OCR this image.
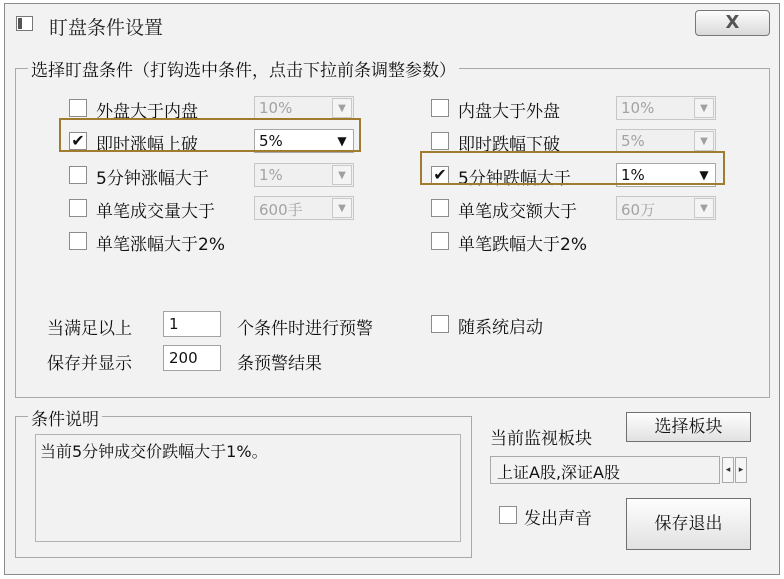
盯盘条件设置	X
选择盯盘条件（打钩选中条件，点击下拉前条调整参数）
外盘大于内盘	10%	▼
✔ 即时涨幅上破	5%	▼
5分钟涨幅大于	1%	▼
单笔成交量大于	600手	▼
单笔涨幅大于2%
内盘大于外盘	10%	▼
即时跌幅下破	5%	▼
✔ 5分钟跌幅大于	1%	▼
单笔成交额大于	60万	▼
单笔跌幅大于2%
当满足以上	1	个条件时进行预警
保存并显示	200	条预警结果
随系统启动
条件说明
当前5分钟成交价跌幅大于1%。
当前监视板块
选择板块
上证A股,深证A股	◂ ▸
发出声音	保存退出
